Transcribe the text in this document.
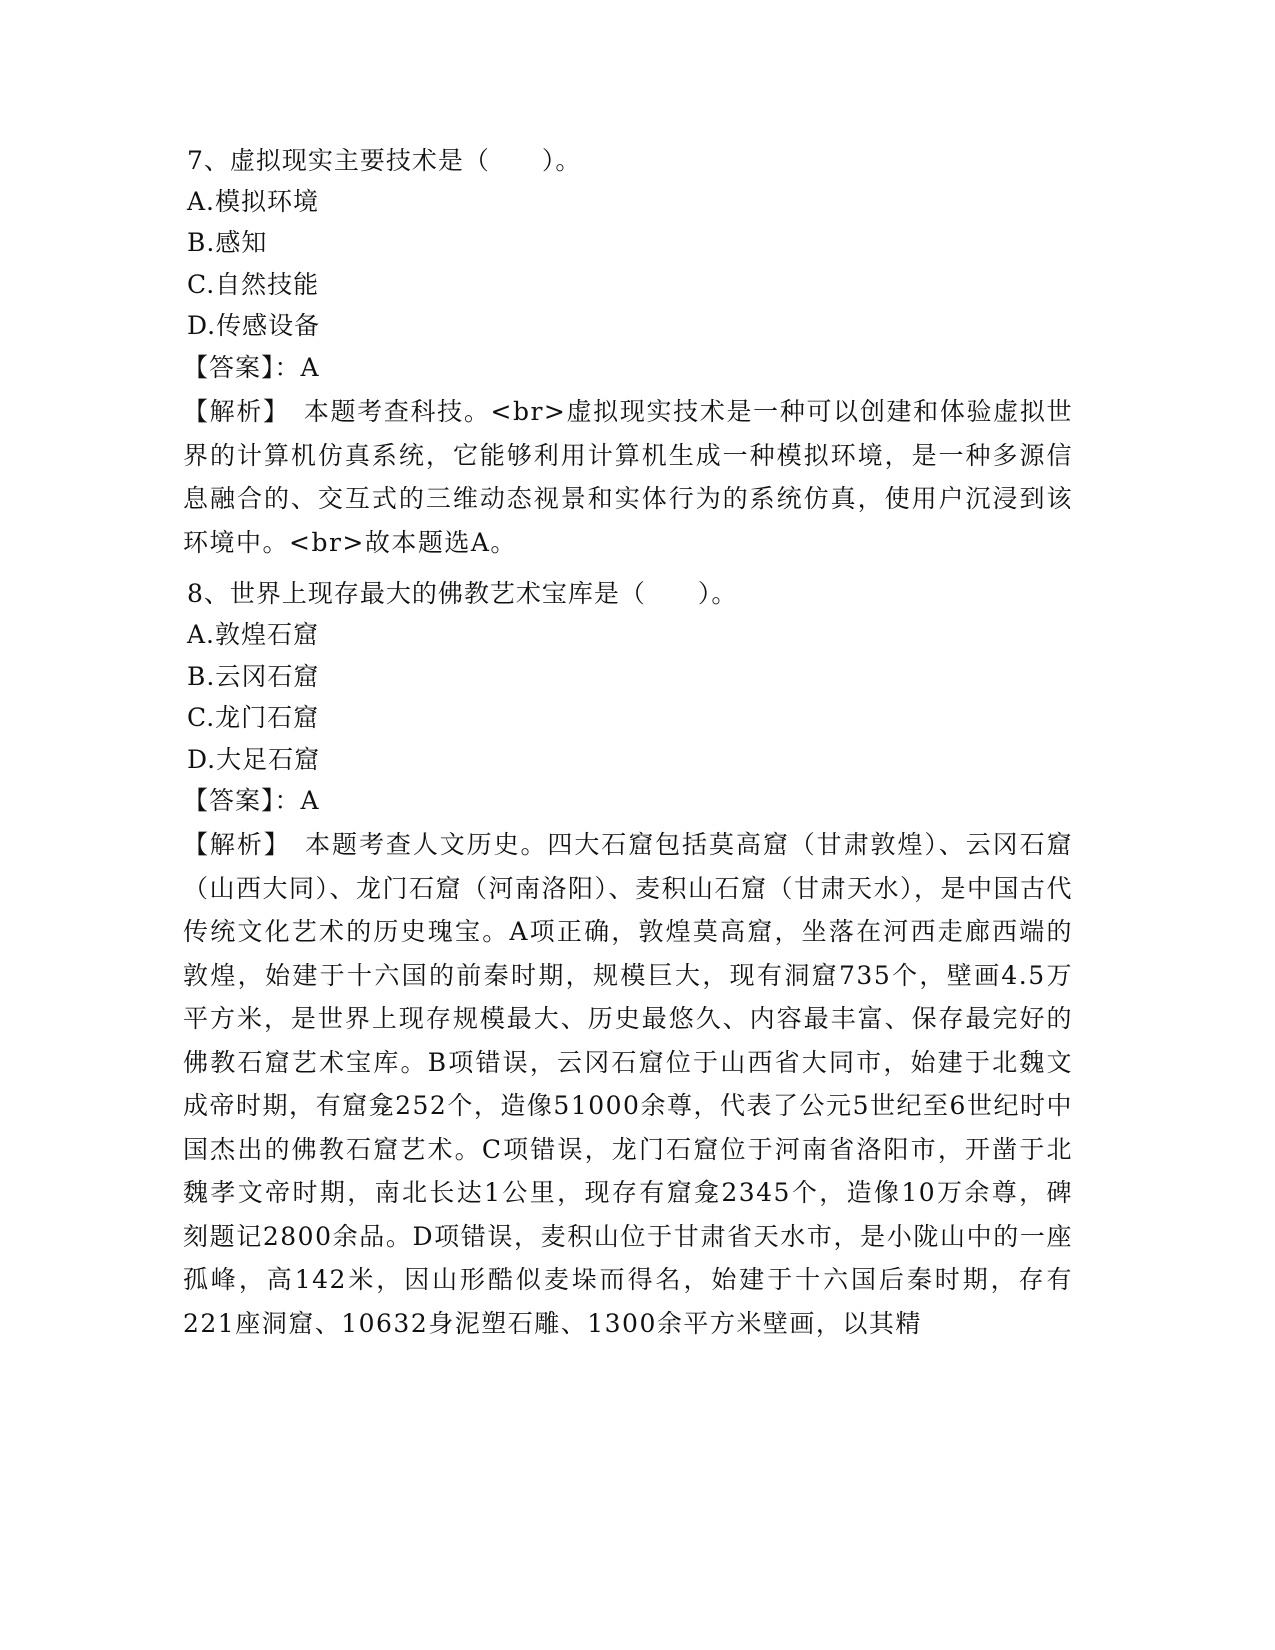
7、虚拟现实主要技术是（　　）。
A.模拟环境
B.感知
C.自然技能
D.传感设备
【答案】：A
【解析】　本题考查科技。<br>虚拟现实技术是一种可以创建和体验虚拟世界的计算机仿真系统，它能够利用计算机生成一种模拟环境，是一种多源信息融合的、交互式的三维动态视景和实体行为的系统仿真，使用户沉浸到该环境中。<br>故本题选A。
8、世界上现存最大的佛教艺术宝库是（　　）。
A.敦煌石窟
B.云冈石窟
C.龙门石窟
D.大足石窟
【答案】：A
【解析】　本题考查人文历史。四大石窟包括莫高窟（甘肃敦煌）、云冈石窟（山西大同）、龙门石窟（河南洛阳）、麦积山石窟（甘肃天水），是中国古代传统文化艺术的历史瑰宝。A项正确，敦煌莫高窟，坐落在河西走廊西端的敦煌，始建于十六国的前秦时期，规模巨大，现有洞窟735个，壁画4.5万平方米，是世界上现存规模最大、历史最悠久、内容最丰富、保存最完好的佛教石窟艺术宝库。B项错误，云冈石窟位于山西省大同市，始建于北魏文成帝时期，有窟龛252个，造像51000余尊，代表了公元5世纪至6世纪时中国杰出的佛教石窟艺术。C项错误，龙门石窟位于河南省洛阳市，开凿于北魏孝文帝时期，南北长达1公里，现存有窟龛2345个，造像10万余尊，碑刻题记2800余品。D项错误，麦积山位于甘肃省天水市，是小陇山中的一座孤峰，高142米，因山形酷似麦垛而得名，始建于十六国后秦时期，存有221座洞窟、10632身泥塑石雕、1300余平方米壁画，以其精
